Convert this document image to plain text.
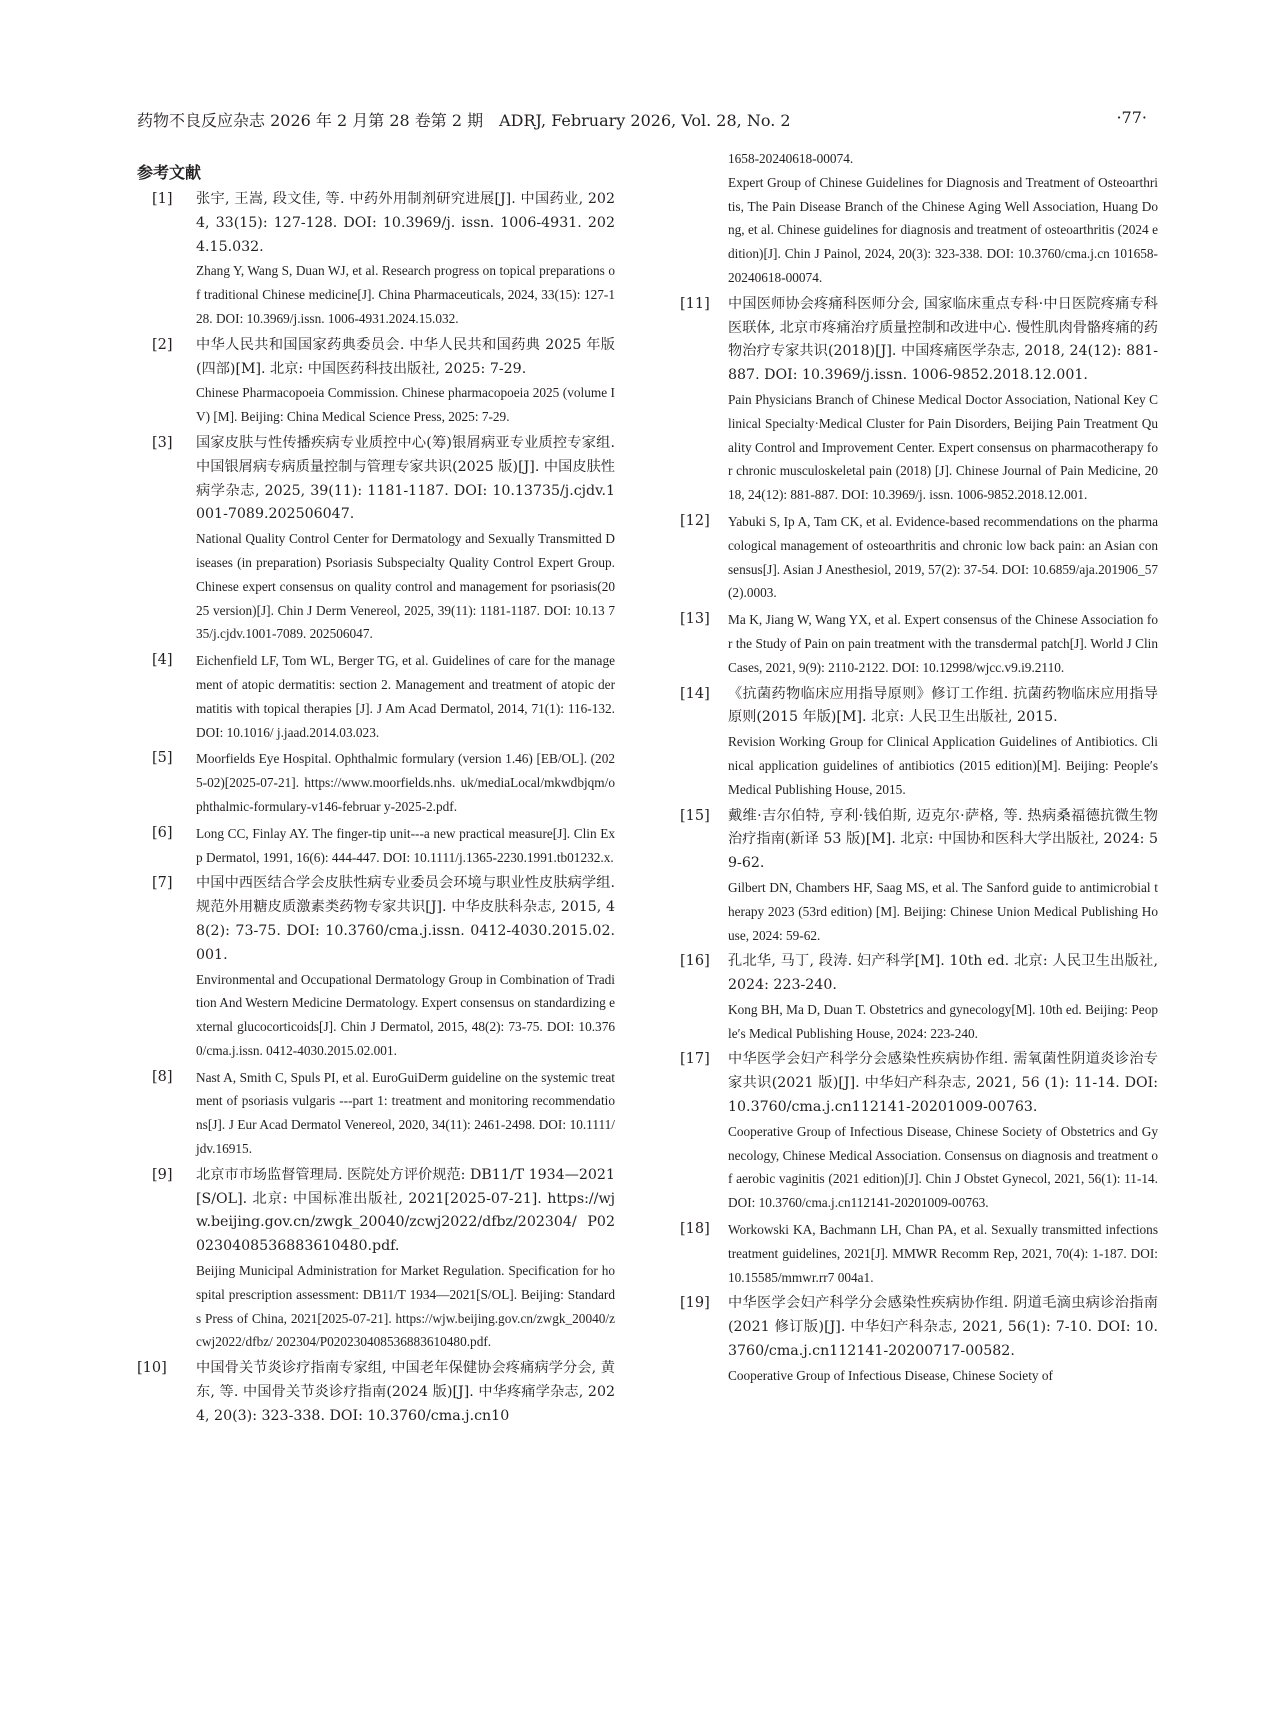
药物不良反应杂志 2026 年 2 月第 28 卷第 2 期　ADRJ, February 2026, Vol. 28, No. 2	·77·
参考文献
[1] 张宇, 王嵩, 段文佳, 等. 中药外用制剂研究进展[J]. 中国药业, 2024, 33(15): 127-128. DOI: 10.3969/j. issn. 1006-4931. 2024.15.032.
Zhang Y, Wang S, Duan WJ, et al. Research progress on topical preparations of traditional Chinese medicine[J]. China Pharmaceuticals, 2024, 33(15): 127-128. DOI: 10.3969/j.issn. 1006-4931.2024.15.032.
[2] 中华人民共和国国家药典委员会. 中华人民共和国药典 2025 年版(四部)[M]. 北京: 中国医药科技出版社, 2025: 7-29.
Chinese Pharmacopoeia Commission. Chinese pharmacopoeia 2025 (volume IV) [M]. Beijing: China Medical Science Press, 2025: 7-29.
[3] 国家皮肤与性传播疾病专业质控中心(筹)银屑病亚专业质控专家组. 中国银屑病专病质量控制与管理专家共识(2025 版)[J]. 中国皮肤性病学杂志, 2025, 39(11): 1181-1187. DOI: 10.13735/j.cjdv.1001-7089.202506047.
National Quality Control Center for Dermatology and Sexually Transmitted Diseases (in preparation) Psoriasis Subspecialty Quality Control Expert Group. Chinese expert consensus on quality control and management for psoriasis(2025 version)[J]. Chin J Derm Venereol, 2025, 39(11): 1181-1187. DOI: 10.13 735/j.cjdv.1001-7089. 202506047.
[4] Eichenfield LF, Tom WL, Berger TG, et al. Guidelines of care for the management of atopic dermatitis: section 2. Management and treatment of atopic dermatitis with topical therapies [J]. J Am Acad Dermatol, 2014, 71(1): 116-132. DOI: 10.1016/ j.jaad.2014.03.023.
[5] Moorfields Eye Hospital. Ophthalmic formulary (version 1.46) [EB/OL]. (2025-02)[2025-07-21]. https://www.moorfields.nhs. uk/mediaLocal/mkwdbjqm/ophthalmic-formulary-v146-februar y-2025-2.pdf.
[6] Long CC, Finlay AY. The finger-tip unit---a new practical measure[J]. Clin Exp Dermatol, 1991, 16(6): 444-447. DOI: 10.1111/j.1365-2230.1991.tb01232.x.
[7] 中国中西医结合学会皮肤性病专业委员会环境与职业性皮肤病学组. 规范外用糖皮质激素类药物专家共识[J]. 中华皮肤科杂志, 2015, 48(2): 73-75. DOI: 10.3760/cma.j.issn. 0412-4030.2015.02.001.
Environmental and Occupational Dermatology Group in Combination of Tradition And Western Medicine Dermatology. Expert consensus on standardizing external glucocorticoids[J]. Chin J Dermatol, 2015, 48(2): 73-75. DOI: 10.3760/cma.j.issn. 0412-4030.2015.02.001.
[8] Nast A, Smith C, Spuls PI, et al. EuroGuiDerm guideline on the systemic treatment of psoriasis vulgaris ---part 1: treatment and monitoring recommendations[J]. J Eur Acad Dermatol Venereol, 2020, 34(11): 2461-2498. DOI: 10.1111/jdv.16915.
[9] 北京市市场监督管理局. 医院处方评价规范: DB11/T 1934—2021[S/OL]. 北京: 中国标准出版社, 2021[2025-07-21]. https://wjw.beijing.gov.cn/zwgk_20040/zcwj2022/dfbz/202304/ P020230408536883610480.pdf.
Beijing Municipal Administration for Market Regulation. Specification for hospital prescription assessment: DB11/T 1934—2021[S/OL]. Beijing: Standards Press of China, 2021[2025-07-21]. https://wjw.beijing.gov.cn/zwgk_20040/zcwj2022/dfbz/ 202304/P020230408536883610480.pdf.
[10] 中国骨关节炎诊疗指南专家组, 中国老年保健协会疼痛病学分会, 黄东, 等. 中国骨关节炎诊疗指南(2024 版)[J]. 中华疼痛学杂志, 2024, 20(3): 323-338. DOI: 10.3760/cma.j.cn10
1658-20240618-00074.
Expert Group of Chinese Guidelines for Diagnosis and Treatment of Osteoarthritis, The Pain Disease Branch of the Chinese Aging Well Association, Huang Dong, et al. Chinese guidelines for diagnosis and treatment of osteoarthritis (2024 edition)[J]. Chin J Painol, 2024, 20(3): 323-338. DOI: 10.3760/cma.j.cn 101658-20240618-00074.
[11] 中国医师协会疼痛科医师分会, 国家临床重点专科·中日医院疼痛专科医联体, 北京市疼痛治疗质量控制和改进中心. 慢性肌肉骨骼疼痛的药物治疗专家共识(2018)[J]. 中国疼痛医学杂志, 2018, 24(12): 881-887. DOI: 10.3969/j.issn. 1006-9852.2018.12.001.
Pain Physicians Branch of Chinese Medical Doctor Association, National Key Clinical Specialty·Medical Cluster for Pain Disorders, Beijing Pain Treatment Quality Control and Improvement Center. Expert consensus on pharmacotherapy for chronic musculoskeletal pain (2018) [J]. Chinese Journal of Pain Medicine, 2018, 24(12): 881-887. DOI: 10.3969/j. issn. 1006-9852.2018.12.001.
[12] Yabuki S, Ip A, Tam CK, et al. Evidence-based recommendations on the pharmacological management of osteoarthritis and chronic low back pain: an Asian consensus[J]. Asian J Anesthesiol, 2019, 57(2): 37-54. DOI: 10.6859/aja.201906_57 (2).0003.
[13] Ma K, Jiang W, Wang YX, et al. Expert consensus of the Chinese Association for the Study of Pain on pain treatment with the transdermal patch[J]. World J Clin Cases, 2021, 9(9): 2110-2122. DOI: 10.12998/wjcc.v9.i9.2110.
[14] 《抗菌药物临床应用指导原则》修订工作组. 抗菌药物临床应用指导原则(2015 年版)[M]. 北京: 人民卫生出版社, 2015.
Revision Working Group for Clinical Application Guidelines of Antibiotics. Clinical application guidelines of antibiotics (2015 edition)[M]. Beijing: People′s Medical Publishing House, 2015.
[15] 戴维·吉尔伯特, 亨利·钱伯斯, 迈克尔·萨格, 等. 热病桑福德抗微生物治疗指南(新译 53 版)[M]. 北京: 中国协和医科大学出版社, 2024: 59-62.
Gilbert DN, Chambers HF, Saag MS, et al. The Sanford guide to antimicrobial therapy 2023 (53rd edition) [M]. Beijing: Chinese Union Medical Publishing House, 2024: 59-62.
[16] 孔北华, 马丁, 段涛. 妇产科学[M]. 10th ed. 北京: 人民卫生出版社, 2024: 223-240.
Kong BH, Ma D, Duan T. Obstetrics and gynecology[M]. 10th ed. Beijing: People′s Medical Publishing House, 2024: 223-240.
[17] 中华医学会妇产科学分会感染性疾病协作组. 需氧菌性阴道炎诊治专家共识(2021 版)[J]. 中华妇产科杂志, 2021, 56 (1): 11-14. DOI: 10.3760/cma.j.cn112141-20201009-00763.
Cooperative Group of Infectious Disease, Chinese Society of Obstetrics and Gynecology, Chinese Medical Association. Consensus on diagnosis and treatment of aerobic vaginitis (2021 edition)[J]. Chin J Obstet Gynecol, 2021, 56(1): 11-14. DOI: 10.3760/cma.j.cn112141-20201009-00763.
[18] Workowski KA, Bachmann LH, Chan PA, et al. Sexually transmitted infections treatment guidelines, 2021[J]. MMWR Recomm Rep, 2021, 70(4): 1-187. DOI: 10.15585/mmwr.rr7 004a1.
[19] 中华医学会妇产科学分会感染性疾病协作组. 阴道毛滴虫病诊治指南(2021 修订版)[J]. 中华妇产科杂志, 2021, 56(1): 7-10. DOI: 10.3760/cma.j.cn112141-20200717-00582.
Cooperative Group of Infectious Disease, Chinese Society of
